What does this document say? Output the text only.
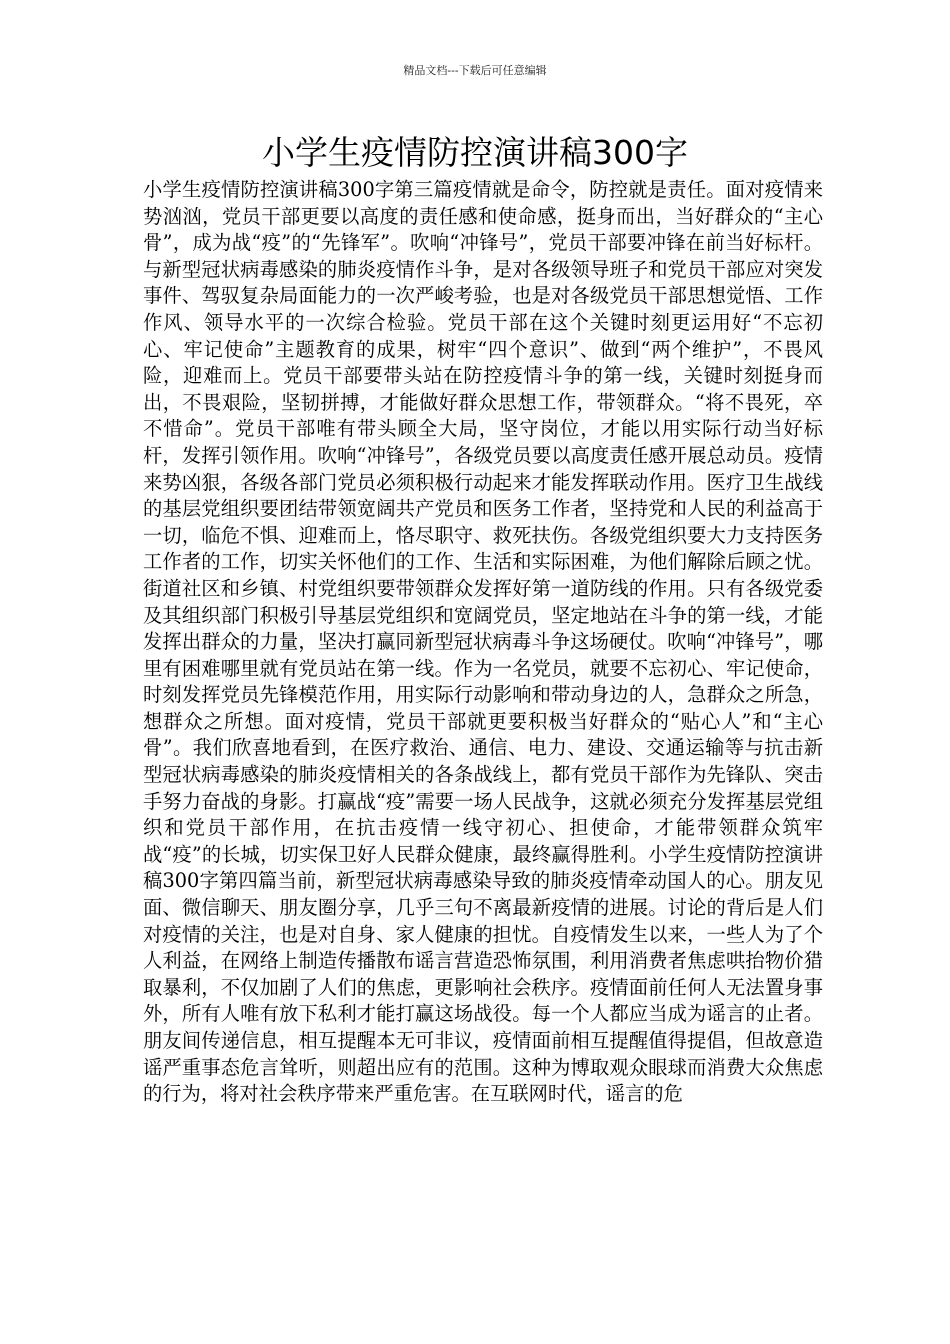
精品文档---下载后可任意编辑
小学生疫情防控演讲稿300字

小学生疫情防控演讲稿300字第三篇疫情就是命令，防控就是责任。面对疫情来势汹汹，党员干部更要以高度的责任感和使命感，挺身而出，当好群众的“主心骨”，成为战“疫”的“先锋军”。吹响“冲锋号”，党员干部要冲锋在前当好标杆。与新型冠状病毒感染的肺炎疫情作斗争，是对各级领导班子和党员干部应对突发事件、驾驭复杂局面能力的一次严峻考验，也是对各级党员干部思想觉悟、工作作风、领导水平的一次综合检验。党员干部在这个关键时刻更运用好“不忘初心、牢记使命”主题教育的成果，树牢“四个意识”、做到“两个维护”，不畏风险，迎难而上。党员干部要带头站在防控疫情斗争的第一线，关键时刻挺身而出，不畏艰险，坚韧拼搏，才能做好群众思想工作，带领群众。“将不畏死，卒不惜命”。党员干部唯有带头顾全大局，坚守岗位，才能以用实际行动当好标杆，发挥引领作用。吹响“冲锋号”，各级党员要以高度责任感开展总动员。疫情来势凶狠，各级各部门党员必须积极行动起来才能发挥联动作用。医疗卫生战线的基层党组织要团结带领宽阔共产党员和医务工作者，坚持党和人民的利益高于一切，临危不惧、迎难而上，恪尽职守、救死扶伤。各级党组织要大力支持医务工作者的工作，切实关怀他们的工作、生活和实际困难，为他们解除后顾之忧。街道社区和乡镇、村党组织要带领群众发挥好第一道防线的作用。只有各级党委及其组织部门积极引导基层党组织和宽阔党员，坚定地站在斗争的第一线，才能发挥出群众的力量，坚决打赢同新型冠状病毒斗争这场硬仗。吹响“冲锋号”，哪里有困难哪里就有党员站在第一线。作为一名党员，就要不忘初心、牢记使命，时刻发挥党员先锋模范作用，用实际行动影响和带动身边的人，急群众之所急，想群众之所想。面对疫情，党员干部就更要积极当好群众的“贴心人”和“主心骨”。我们欣喜地看到，在医疗救治、通信、电力、建设、交通运输等与抗击新型冠状病毒感染的肺炎疫情相关的各条战线上，都有党员干部作为先锋队、突击手努力奋战的身影。打赢战“疫”需要一场人民战争，这就必须充分发挥基层党组织和党员干部作用，在抗击疫情一线守初心、担使命，才能带领群众筑牢战“疫”的长城，切实保卫好人民群众健康，最终赢得胜利。小学生疫情防控演讲稿300字第四篇当前，新型冠状病毒感染导致的肺炎疫情牵动国人的心。朋友见面、微信聊天、朋友圈分享，几乎三句不离最新疫情的进展。讨论的背后是人们对疫情的关注，也是对自身、家人健康的担忧。自疫情发生以来，一些人为了个人利益，在网络上制造传播散布谣言营造恐怖氛围，利用消费者焦虑哄抬物价猎取暴利，不仅加剧了人们的焦虑，更影响社会秩序。疫情面前任何人无法置身事外，所有人唯有放下私利才能打赢这场战役。每一个人都应当成为谣言的止者。朋友间传递信息，相互提醒本无可非议，疫情面前相互提醒值得提倡，但故意造谣严重事态危言耸听，则超出应有的范围。这种为博取观众眼球而消费大众焦虑的行为，将对社会秩序带来严重危害。在互联网时代，谣言的危
